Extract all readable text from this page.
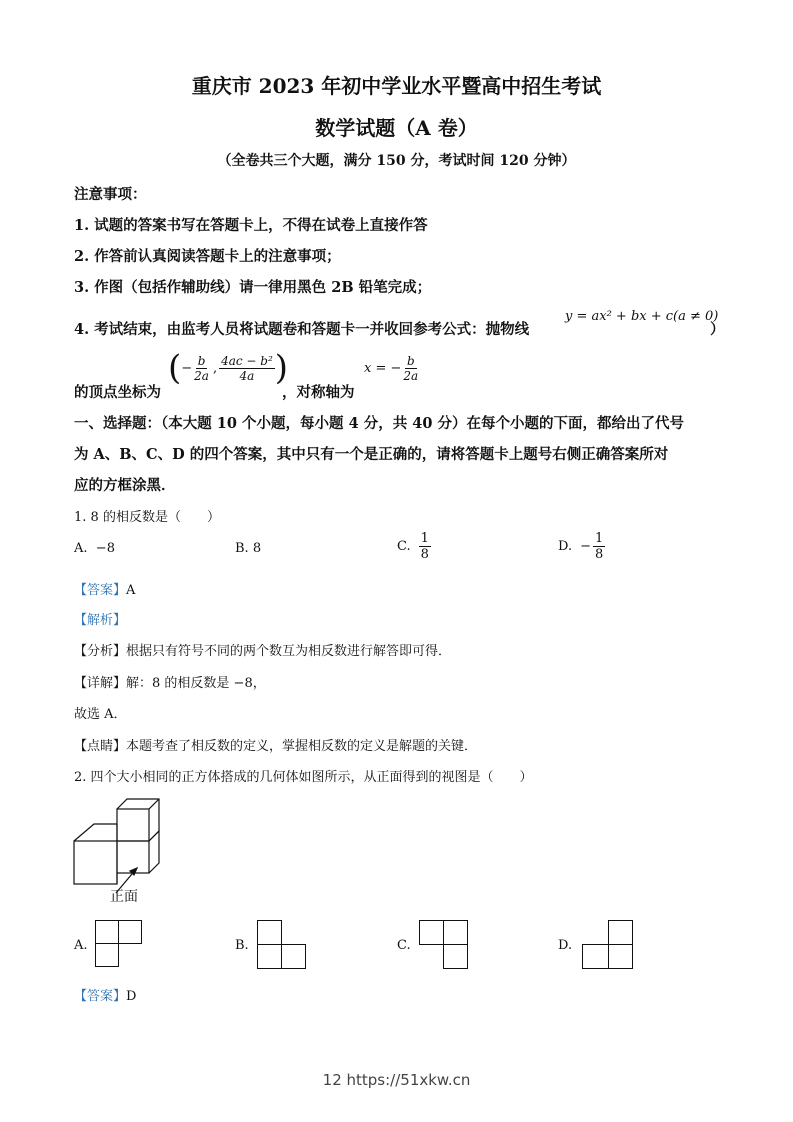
重庆市 2023 年初中学业水平暨高中招生考试
数学试题（A 卷）
（全卷共三个大题，满分 150 分，考试时间 120 分钟）
注意事项：
1. 试题的答案书写在答题卡上，不得在试卷上直接作答
2. 作答前认真阅读答题卡上的注意事项；
3. 作图（包括作辅助线）请一律用黑色 2B 铅笔完成；
4. 考试结束，由监考人员将试题卷和答题卡一并收回参考公式：抛物线
y = ax² + bx + c(a ≠ 0)
）
的顶点坐标为
( − $\frac{b}{2a}$ , $\frac{\text{4ac − b²}}{4a}$ )
，对称轴为
x = − $\frac{b}{2a}$
一、选择题：（本大题 10 个小题，每小题 4 分，共 40 分）在每个小题的下面，都给出了代号
为 A、B、C、D 的四个答案，其中只有一个是正确的，请将答题卡上题号右侧正确答案所对
应的方框涂黑．
1. 8 的相反数是（　　）
A. −8	B. 8	C. $\frac{1}{8}$	D. − $\frac{1}{8}$
【答案】A
【解析】
【分析】根据只有符号不同的两个数互为相反数进行解答即可得．
【详解】解：8 的相反数是 −8，
故选 A．
【点睛】本题考查了相反数的定义，掌握相反数的定义是解题的关键．
2. 四个大小相同的正方体搭成的几何体如图所示，从正面得到的视图是（　　）
正面
A.	B.	C.	D.
【答案】D
12 https://51xkw.cn
